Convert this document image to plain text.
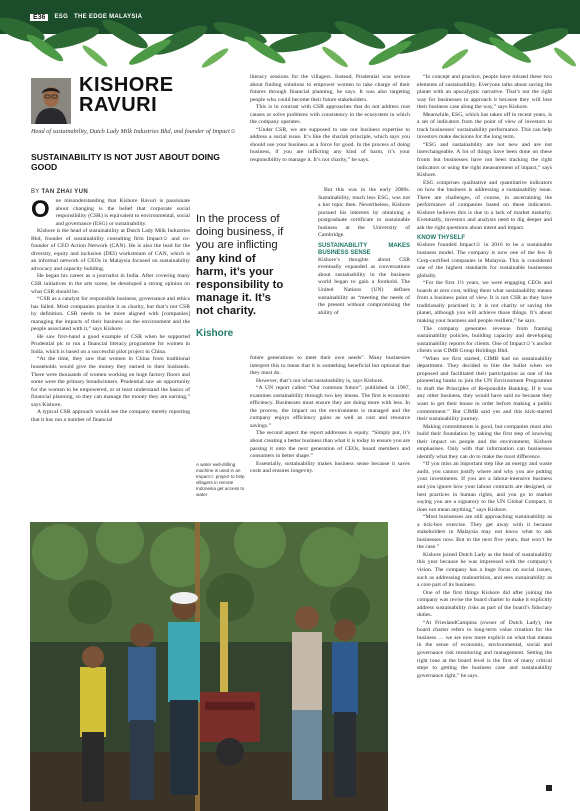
E36	ESG THE EDGE MALAYSIA
KISHORE
RAVURI
Head of sustainability, Dutch Lady Milk Industries Bhd, and founder of Impact☺
SUSTAINABILITY IS NOT JUST ABOUT DOING GOOD
BY TAN ZHAI YUN
O	ne misunderstanding that Kishore Ravuri is passionate about changing is the belief that corporate social responsibility (CSR) is equivalent to environmental, social and governance (ESG) or sustainability.

Kishore is the head of sustainability at Dutch Lady Milk Industries Bhd, founder of sustainability consulting firm Impact☺ and co-founder of CEO Action Network (CAN). He is also the lead for the diversity, equity and inclusion (DEI) workstream of CAN, which is an informal network of CEOs in Malaysia focused on sustainability advocacy and capacity building.

He began his career as a journalist in India. After covering many CSR initiatives in the arts scene, he developed a strong opinion on what CSR should be.

“CSR as a catalyst for responsible business, governance and ethics has failed. Most companies practise it as charity, but that’s not CSR by definition. CSR needs to be more aligned with [companies] managing the impacts of their business on the environment and the people associated with it,” says Kishore.

He saw first-hand a good example of CSR when he supported Prudential plc to run a financial literacy programme for women in India, which is based on a successful pilot project in China.

“At the time, they saw that women in China from traditional households would give the money they earned to their husbands. There were thousands of women working on huge factory floors and some were the primary breadwinners. Prudential saw an opportunity for the women to be empowered, or at least understand the basics of financial planning, so they can manage the money they are earning,” says Kishore.

A typical CSR approach would see the company merely reporting that it has run a number of financial

literacy sessions for the villagers. Instead, Prudential was serious about finding solutions to empower women to take charge of their futures through financial planning, he says. It was also targeting people who could become their future stakeholders.

This is in contrast with CSR approaches that do not address root causes or solve problems with consistency in the ecosystem in which the company operates.

“Under CSR, we are supposed to use our business expertise to address a social issue. It’s like the shariah principle, which says you should use your business as a force for good. In the process of doing business, if you are inflicting any kind of harm, it’s your responsibility to manage it. It’s not charity,” he says.

In the process of doing business, if you are inflicting any kind of harm, it’s your responsibility to manage it. It’s not charity.
Kishore

But this was in the early 2000s. Sustainability, much less ESG, was not a hot topic then. Nevertheless, Kishore pursued his interests by obtaining a postgraduate certificate in sustainable business at the University of Cambridge.

SUSTAINABILITY MAKES BUSINESS SENSE

Kishore’s thoughts about CSR eventually expanded as conversations about sustainability in the business world began to gain a foothold. The United Nations (UN) defines sustainability as “meeting the needs of the present without compromising the ability of

future generations to meet their own needs”. Many businesses interpret this to mean that it is something beneficial but optional that they must do.

However, that’s not what sustainability is, says Kishore.

“A UN report called “Our common future”, published in 1987, examines sustainability through two key lenses. The first is economic efficiency. Businesses must ensure they are doing more with less. In the process, the impact on the environment is managed and the company enjoys efficiency gains as well as cost and resource savings.”

The second aspect the report addresses is equity. “Simply put, it’s about creating a better business than what it is today to ensure you are passing it onto the next generation of CEOs, board members and consumers in better shape.”

Essentially, sustainability makes business sense because it saves costs and ensures longevity.

A water well-drilling machine is used in an Impact☺ project to help villagers in remote Indonesia get access to water

“In concept and practice, people have missed these two elements of sustainability. Everyone talks about saving the planet with an apocalyptic narrative. That’s not the right way for businesses to approach it because they will lose their business case along the way,” says Kishore.

Meanwhile, ESG, which has taken off in recent years, is a set of indicators from the point of view of investors to track businesses’ sustainability performance. This can help investors make decisions for the long term.

“ESG and sustainability are not new and are not interchangeable. A lot of things have been done on these fronts but businesses have not been tracking the right indicators or using the right measurement of impact,” says Kishore.

ESG comprises qualitative and quantitative indicators on how the business is addressing a sustainability issue. There are challenges, of course, in ascertaining the performance of companies based on these indicators. Kishore believes this is due to a lack of market maturity. Eventually, investors and analysts need to dig deeper and ask the right questions about intent and impact.

KNOW THYSELF

Kishore founded Impact☺ in 2016 to be a sustainable business model. The company is now one of the few B Corp-certified companies in Malaysia. This is considered one of the highest standards for sustainable businesses globally.

“For the first 1½ years, we were engaging CEOs and boards at zero cost, telling them what sustainability means from a business point of view. It is not CSR as they have traditionally practised it; it is not charity or saving the planet, although you will achieve those things. It’s about making your business and people resilient,” he says.

The company generates revenue from framing sustainability policies, building capacity and developing sustainability reports for clients. One of Impact☺’s anchor clients was CIMB Group Holdings Bhd.

“When we first started, CIMB had no sustainability department. They decided to bite the bullet when we proposed and facilitated their participation as one of the pioneering banks to join the UN Environment Programme to draft the Principles of Responsible Banking. If it was any other business, they would have said no because they want to get their house in order before making a public commitment.” But CIMB said yes and this kick-started their sustainability journey.

Making commitments is good, but companies must also build their foundation by taking the first step of knowing their impact on people and the environment, Kishore emphasises. Only with that information can businesses identify what they can do to make the most difference.

“If you miss an important step like an energy and waste audit, you cannot justify where and why you are putting your investments. If you are a labour-intensive business and you ignore how your labour contracts are designed, or best practices in human rights, and you go to market saying you are a signatory to the UN Global Compact, it does not mean anything,” says Kishore.

“Most businesses are still approaching sustainability as a tick-box exercise. They get away with it because stakeholders in Malaysia may not know what to ask businesses now. But in the next five years, that won’t be the case.”

Kishore joined Dutch Lady as the head of sustainability this year because he was impressed with the company’s vision. The company has a huge focus on social issues, such as addressing malnutrition, and sees sustainability as a core part of its business.

One of the first things Kishore did after joining the company was revise the board charter to make it explicitly address sustainability risks as part of the board’s fiduciary duties.

“At FrieslandCampina (owner of Dutch Lady), the board charter refers to long-term value creation for the business … we are now more explicit on what that means in the sense of economic, environmental, social and governance risk monitoring and management. Setting the right tone at the board level is the first of many critical steps to getting the business case and sustainability governance right,” he says.
